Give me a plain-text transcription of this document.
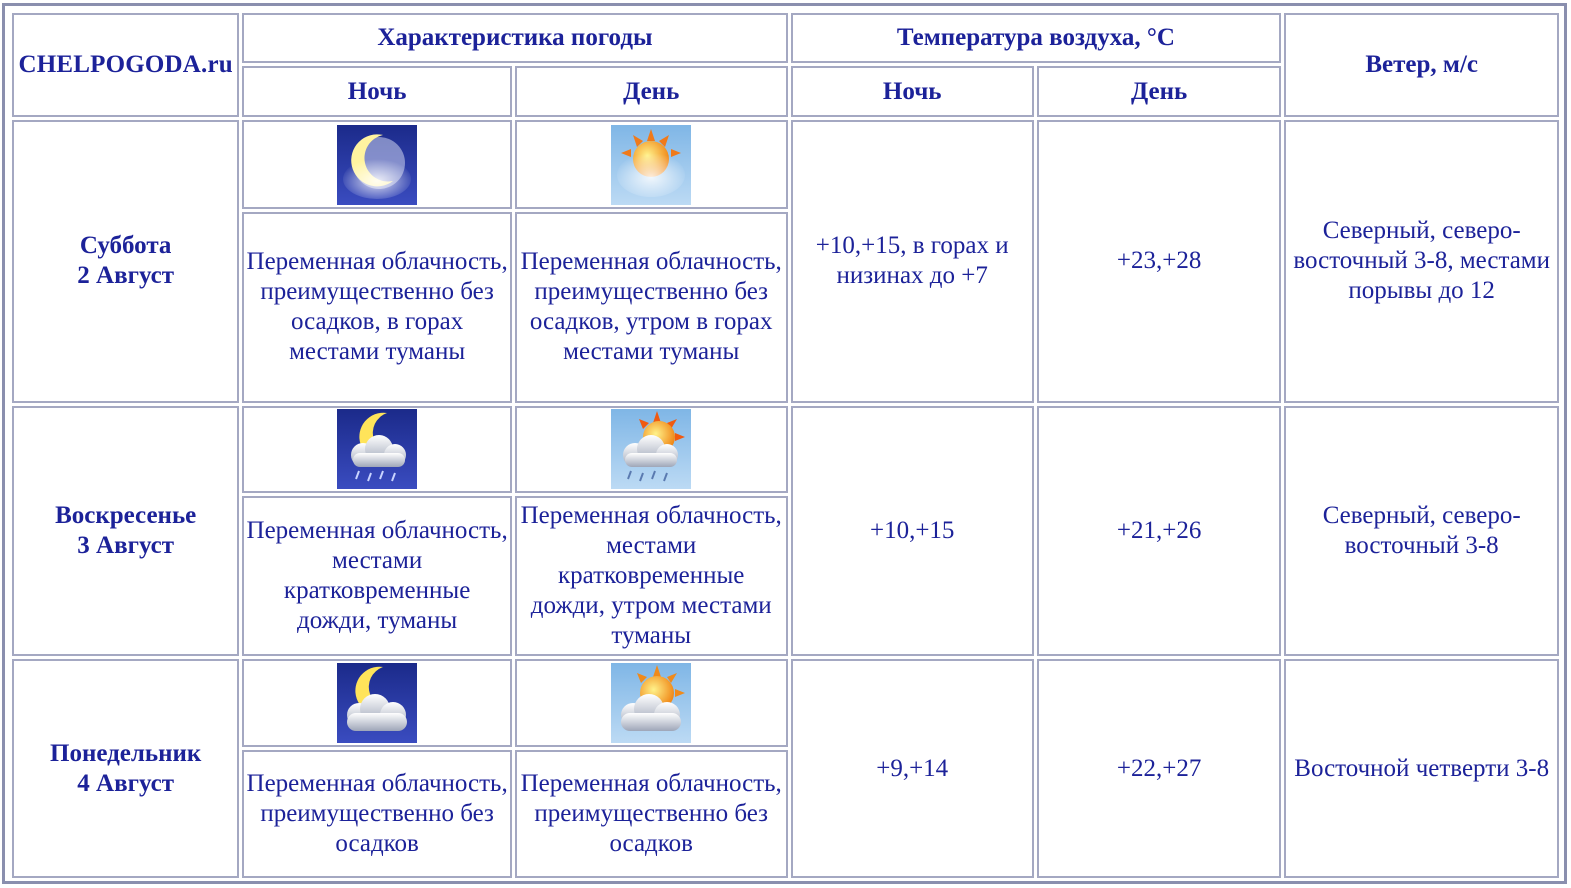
CHELPOGODA.ru	Характеристика погоды		Температура воздуха, °С		Ветер, м/с
	Ночь	День	Ночь	День	

Суббота
2 Август			+10,+15, в горах и низинах до +7	+23,+28	Северный, северо-восточный 3-8, местами порывы до 12
	Переменная облачность, преимущественно без осадков, в горах местами туманы	Переменная облачность, преимущественно без осадков, утром в горах местами туманы			

Воскресенье
3 Август			+10,+15	+21,+26	Северный, северо-восточный 3-8
	Переменная облачность, местами кратковременные дожди, туманы	Переменная облачность, местами кратковременные дожди, утром местами туманы			

Понедельник
4 Август			+9,+14	+22,+27	Восточной четверти 3-8
	Переменная облачность, преимущественно без осадков	Переменная облачность, преимущественно без осадков			
